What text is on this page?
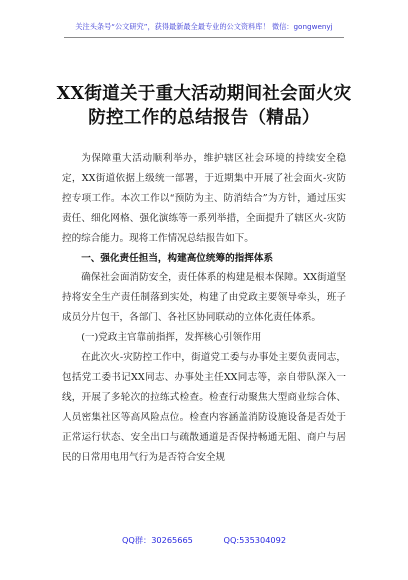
关注头条号“公文研究”，获得最新最全最专业的公文资料库！ 微信：gongwenyj
XX街道关于重大活动期间社会面火灾
防控工作的总结报告（精品）

为保障重大活动顺利举办，维护辖区社会环境的持续安全稳定，XX街道依据上级统一部署，于近期集中开展了社会面火-灾防控专项工作。本次工作以“预防为主、防消结合”为方针，通过压实责任、细化网格、强化演练等一系列举措，全面提升了辖区火-灾防控的综合能力。现将工作情况总结报告如下。

一、强化责任担当，构建高位统筹的指挥体系

确保社会面消防安全，责任体系的构建是根本保障。XX街道坚持将安全生产责任制落到实处，构建了由党政主要领导牵头，班子成员分片包干，各部门、各社区协同联动的立体化责任体系。

(一)党政主官靠前指挥，发挥核心引领作用

在此次火-灾防控工作中，街道党工委与办事处主要负责同志，包括党工委书记XX同志、办事处主任XX同志等，亲自带队深入一线，开展了多轮次的拉练式检查。检查行动聚焦大型商业综合体、人员密集社区等高风险点位。检查内容涵盖消防设施设备是否处于正常运行状态、安全出口与疏散通道是否保持畅通无阻、商户与居民的日常用电用气行为是否符合安全规

QQ群：30265665	QQ:535304092
